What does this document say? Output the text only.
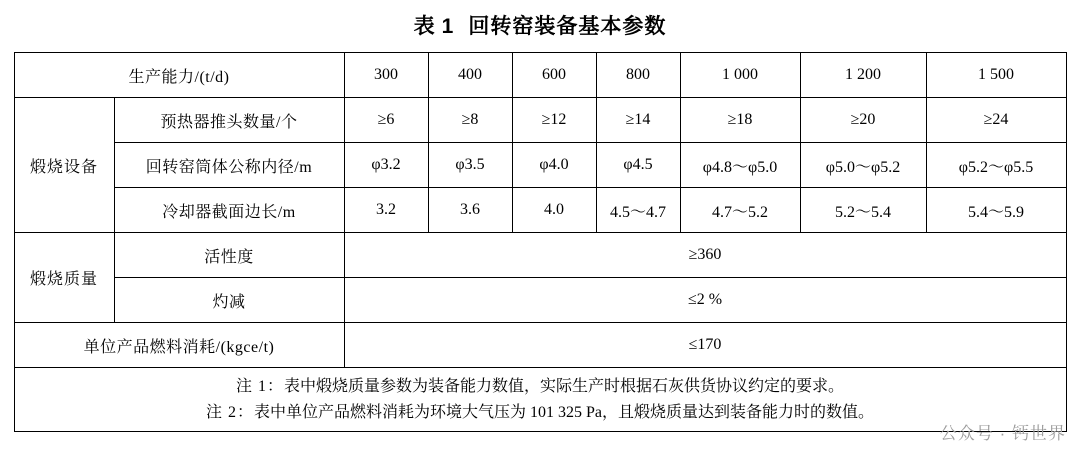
表 1 回转窑装备基本参数
生产能力/(t/d)		300	400	600	800	1 000	1 200	1 500
煅烧设备	预热器推头数量/个	≥6	≥8	≥12	≥14	≥18	≥20	≥24
	回转窑筒体公称内径/m	φ3.2	φ3.5	φ4.0	φ4.5	φ4.8～φ5.0	φ5.0～φ5.2	φ5.2～φ5.5
	冷却器截面边长/m	3.2	3.6	4.0	4.5～4.7	4.7～5.2	5.2～5.4	5.4～5.9
煅烧质量	活性度	≥360						
	灼减	≤2 %						
单位产品燃料消耗/(kgce/t)		≤170						

注 1：表中煅烧质量参数为装备能力数值，实际生产时根据石灰供货协议约定的要求。
注 2：表中单位产品燃料消耗为环境大气压为 101 325 Pa，且煅烧质量达到装备能力时的数值。								
公众号 · 钙世界
